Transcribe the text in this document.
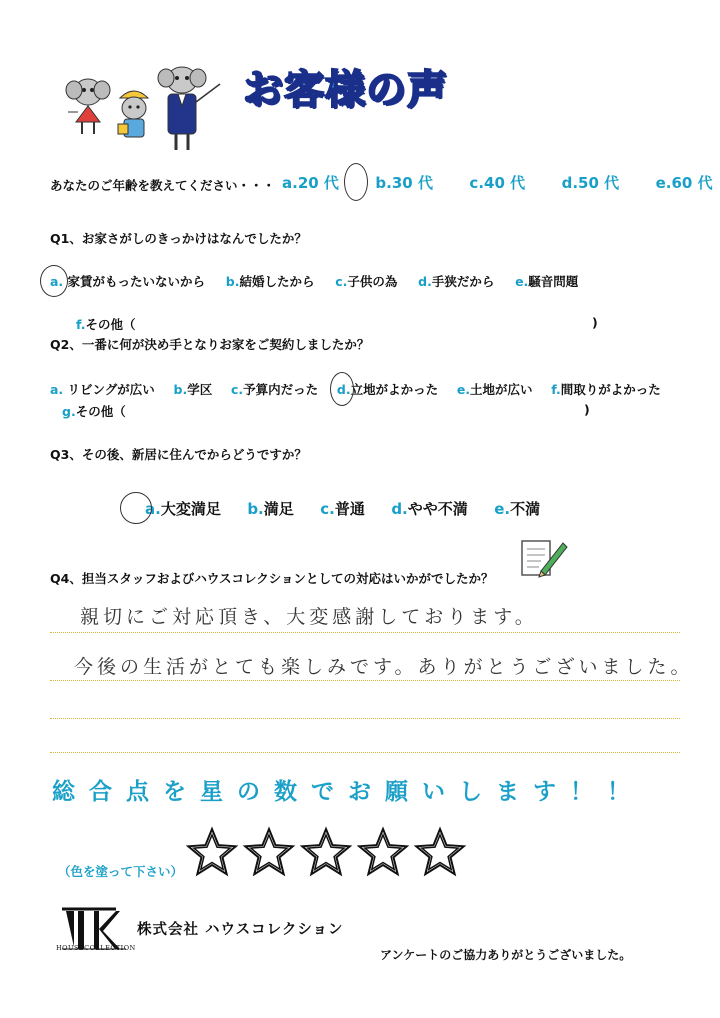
お客様の声
あなたのご年齢を教えてください・・・ a.20 代 b.30 代 c.40 代 d.50 代 e.60 代
Q1、お家さがしのきっかけはなんでしたか？
a. 家賃がもったいないから b.結婚したから c.子供の為 d.手狭だから e.騒音問題
f.その他（	)
Q2、一番に何が決め手となりお家をご契約しましたか？
a. リビングが広い b.学区 c.予算内だった d.立地がよかった e.土地が広い f.間取りがよかった
g.その他（	)
Q3、その後、新居に住んでからどうですか？
a.大変満足 b.満足 c.普通 d.やや不満 e.不満
Q4、担当スタッフおよびハウスコレクションとしての対応はいかがでしたか？
親切にご対応頂き、大変感謝しております。
今後の生活がとても楽しみです。ありがとうございました。
総合点を星の数でお願いします！！
（色を塗って下さい）
HOUSECOLLECTION
株式会社 ハウスコレクション
アンケートのご協力ありがとうございました。
